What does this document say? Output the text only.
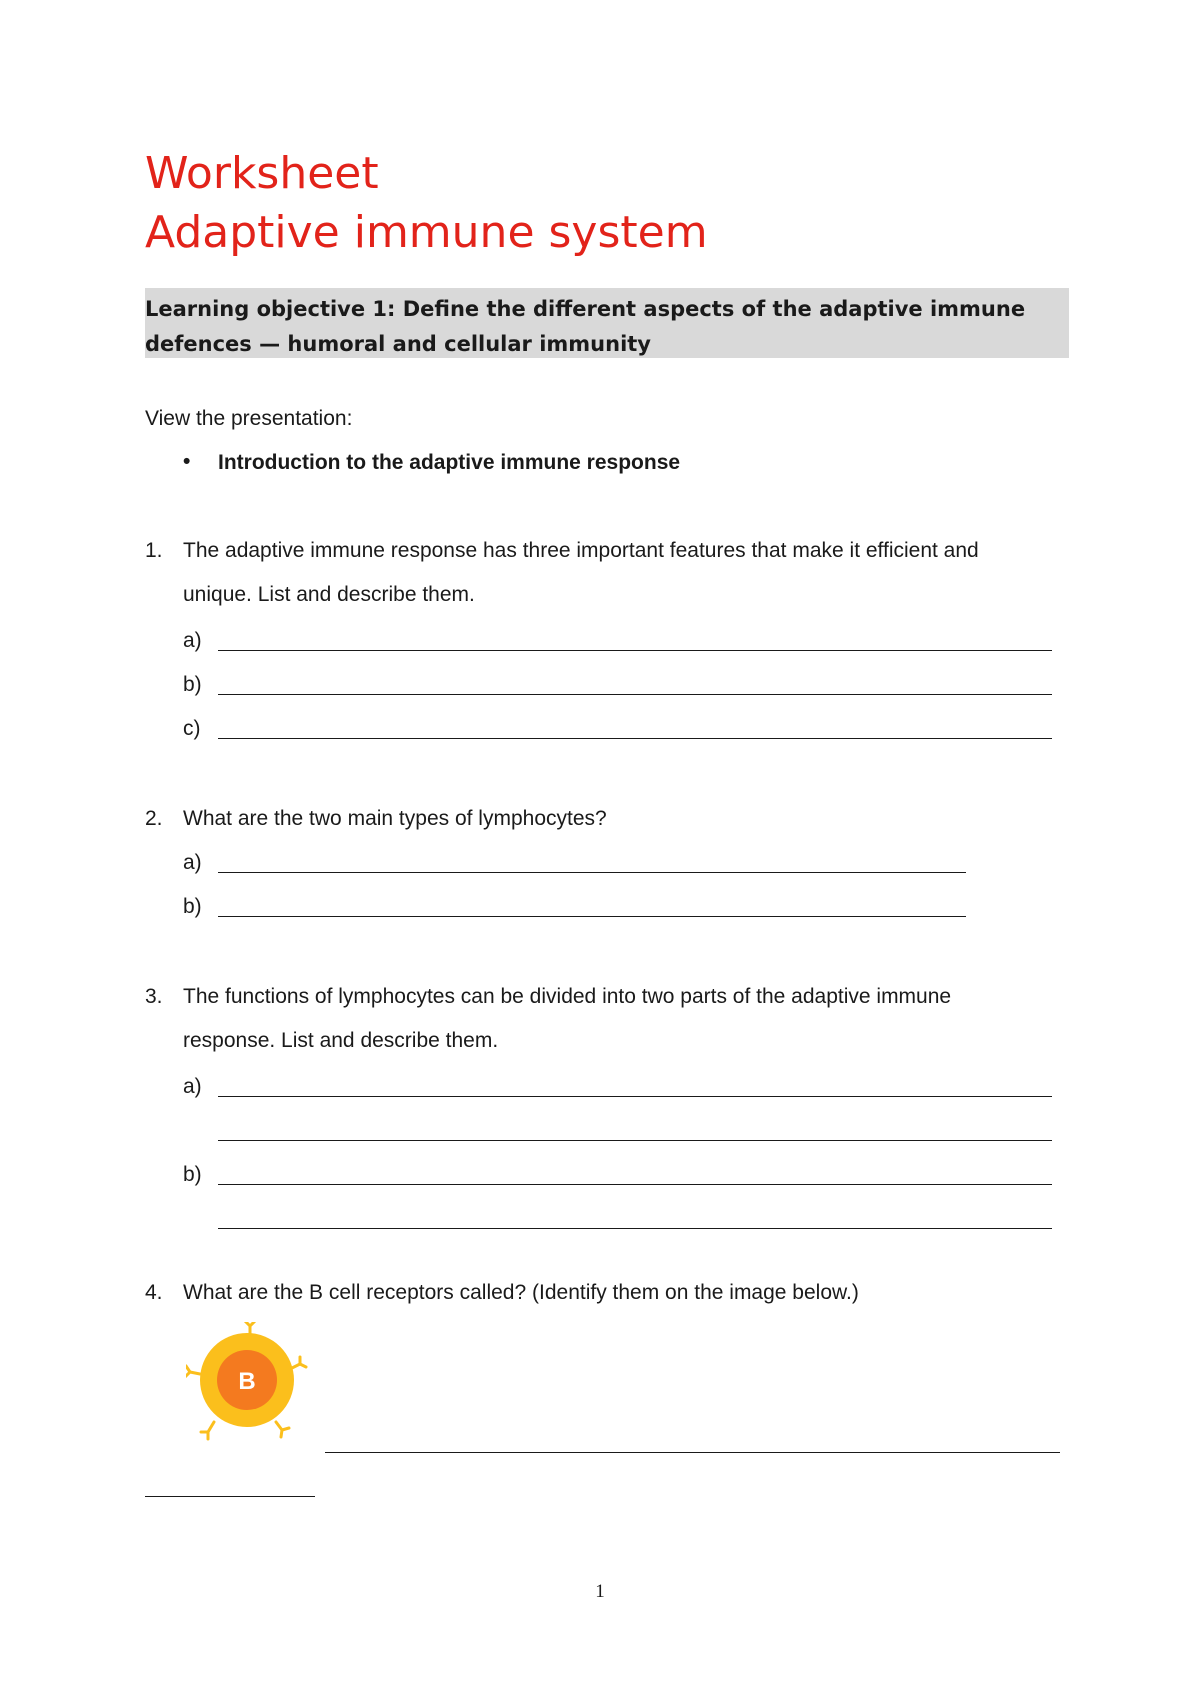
Worksheet
Adaptive immune system
Learning objective 1: Define the different aspects of the adaptive immune defences — humoral and cellular immunity
View the presentation:
• Introduction to the adaptive immune response
1. The adaptive immune response has three important features that make it efficient and
unique. List and describe them.
a)
b)
c)
2. What are the two main types of lymphocytes?
a)
b)
3. The functions of lymphocytes can be divided into two parts of the adaptive immune
response. List and describe them.
a)
b)
4. What are the B cell receptors called? (Identify them on the image below.)
B
1
